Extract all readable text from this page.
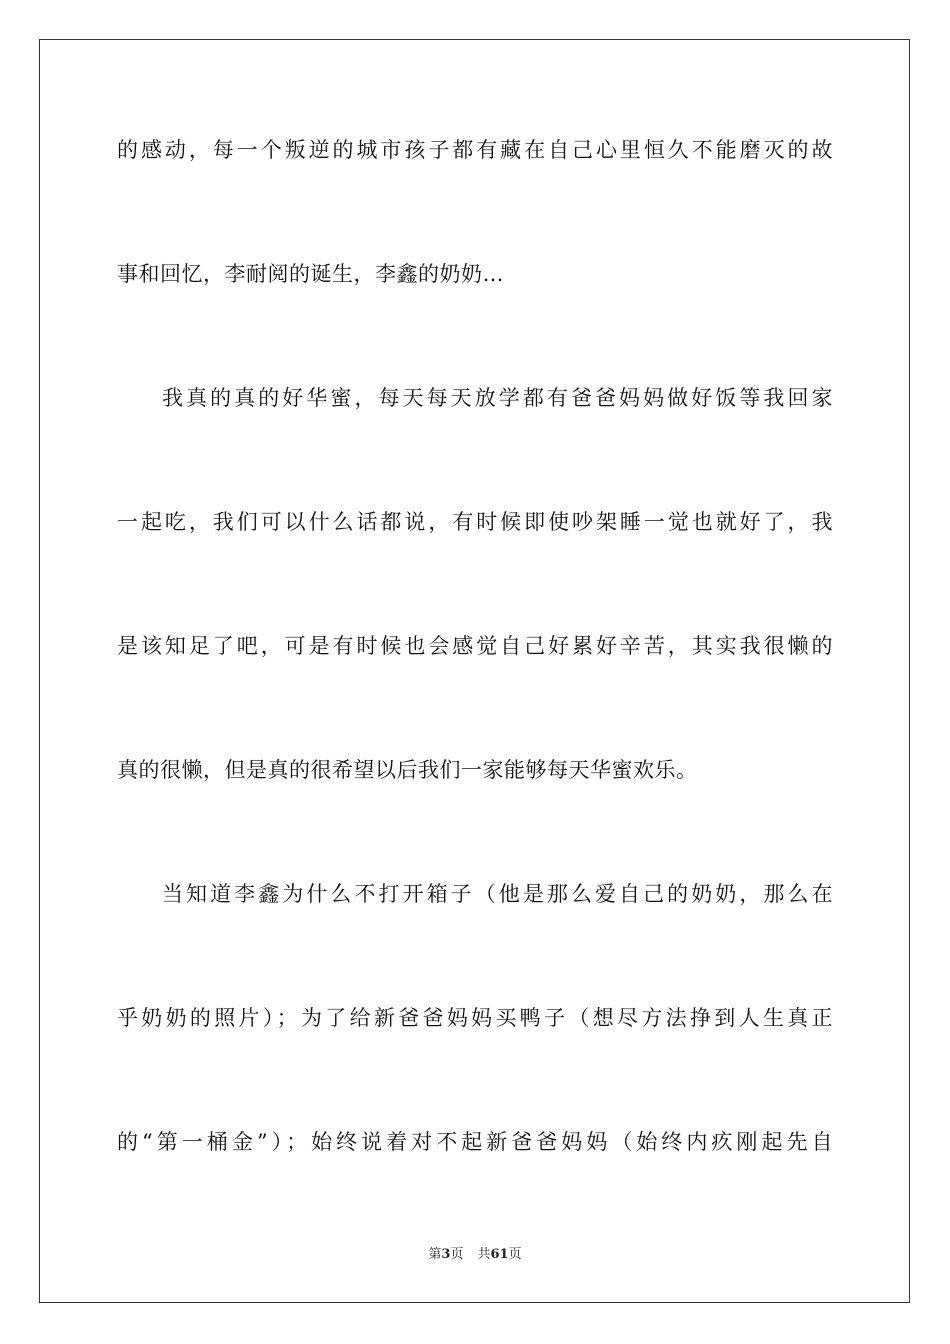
的感动，每一个叛逆的城市孩子都有藏在自己心里恒久不能磨灭的故

事和回忆，李耐阅的诞生，李鑫的奶奶…

我真的真的好华蜜，每天每天放学都有爸爸妈妈做好饭等我回家

一起吃，我们可以什么话都说，有时候即使吵架睡一觉也就好了，我

是该知足了吧，可是有时候也会感觉自己好累好辛苦，其实我很懒的

真的很懒，但是真的很希望以后我们一家能够每天华蜜欢乐。

当知道李鑫为什么不打开箱子（他是那么爱自己的奶奶，那么在

乎奶奶的照片）；为了给新爸爸妈妈买鸭子（想尽方法挣到人生真正

的“第一桶金”）；始终说着对不起新爸爸妈妈（始终内疚刚起先自

第3页 共61页
